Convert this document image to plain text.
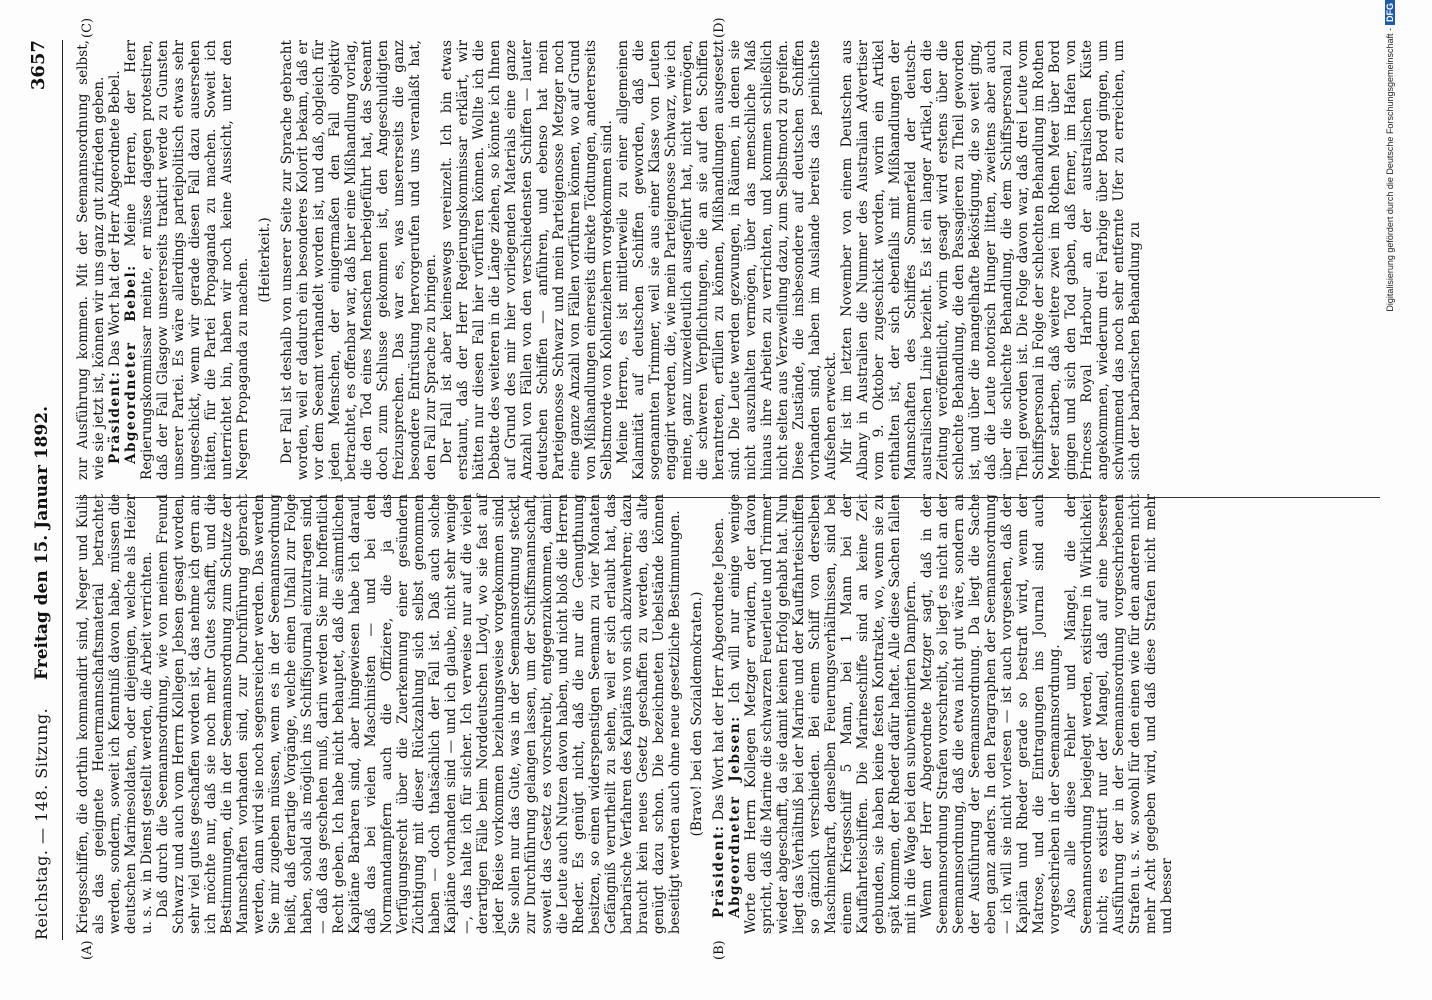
Reichstag. — 148. Sitzung.
Freitag den 15. Januar 1892.
3657
(A)	(B)
(C)	(D)

Kriegsschiffen, die dorthin kommandirt sind, Neger und Kulis als das geeignete Heuermannschaftsmaterial betrachtet werden, sondern, soweit ich Kenntniß davon habe, müssen die deutschen Marinesoldaten, oder diejenigen, welche als Heizer u. s. w. in Dienst gestellt werden, die Arbeit verrichten. Daß durch die Seemannsordnung, wie von meinem Freund Schwarz und auch vom Herrn Kollegen Jebsen gesagt worden, sehr viel gutes geschaffen worden ist, das nehme ich gern an; ich möchte nur, daß sie noch mehr Gutes schafft, und die Bestimmungen, die in der Seemannsordnung zum Schutze der Mannschaften vorhanden sind, zur Durchführung gebracht werden, dann wird sie noch segensreicher werden. Das werden Sie mir zugeben müssen, wenn es in der Seemannsordnung heißt, daß derartige Vorgänge, welche einen Unfall zur Folge haben, sobald als möglich ins Schiffsjournal einzutragen sind, — daß das geschehen muß, darin werden Sie mir hoffentlich Recht geben. Ich habe nicht behauptet, daß die sämmtlichen Kapitäne Barbaren sind, aber hingewiesen habe ich darauf, daß das bei vielen Maschinisten — und bei den Normanndampfern auch die Offiziere, die ja das Verfügungsrecht über die Zuerkennung einer gesündern Züchtigung mit dieser Rückzahlung sich selbst genommen haben — doch thatsächlich der Fall ist. Daß auch solche Kapitäne vorhanden sind — und ich glaube, nicht sehr wenige —, das halte ich für sicher. Ich verweise nur auf die vielen derartigen Fälle beim Norddeutschen Lloyd, wo sie fast auf jeder Reise vorkommen beziehungsweise vorgekommen sind. Sie sollen nur das Gute, was in der Seemannsordnung steckt, zur Durchführung gelangen lassen, um der Schiffsmannschaft, soweit das Gesetz es vorschreibt, entgegenzukommen, damit die Leute auch Nutzen davon haben, und nicht bloß die Herren Rheder. Es genügt nicht, daß die nur die Genugthuung besitzen, so einen widerspenstigen Seemann zu vier Monaten Gefängniß verurtheilt zu sehen, weil er sich erlaubt hat, das barbarische Verfahren des Kapitäns von sich abzuwehren; dazu braucht kein neues Gesetz geschaffen zu werden, das alte genügt dazu schon. Die bezeichneten Uebelstände können beseitigt werden auch ohne neue gesetzliche Bestimmungen. (Bravo! bei den Sozialdemokraten.)

Präsident: Das Wort hat der Herr Abgeordnete Jebsen. Abgeordneter Jebsen: Ich will nur einige wenige Worte dem Herrn Kollegen Metzger erwidern, der davon spricht, daß die Marine die schwarzen Feuerleute und Trimmer wieder abgeschafft, da sie damit keinen Erfolg gehabt hat. Nun liegt das Verhältniß bei der Marine und der Kauffahrteischiffen so gänzlich verschieden. Bei einem Schiff von derselben Maschinenkraft, denselben Feuerungsverhältnissen, sind bei einem Kriegsschiff 5 Mann, bei 1 Mann bei der Kauffahrteischiffen. Die Marineschiffe sind an keine Zeit gebunden, sie haben keine festen Kontrakte, wo, wenn sie zu spät kommen, der Rheder dafür haftet. Alle diese Sachen fallen mit in die Wage bei den subventionirten Dampfern. Wenn der Herr Abgeordnete Metzger sagt, daß in der Seemannsordnung Strafen vorschreibt, so liegt es nicht an der Seemannsordnung, daß die etwa nicht gut wäre, sondern an der Ausführung der Seemannsordnung. Da liegt die Sache eben ganz anders. In den Paragraphen der Seemannsordnung — ich will sie nicht vorlesen — ist auch vorgesehen, daß der Kapitän und Rheder gerade so bestraft wird, wenn der Matrose, und die Eintragungen ins Journal sind auch vorgeschrieben in der Seemannsordnung. Also alle diese Fehler und Mängel, die der Seemannsordnung beigelegt werden, existiren in Wirklichkeit nicht; es existirt nur der Mangel, daß auf eine bessere Ausführung der in der Seemannsordnung vorgeschriebenen Strafen u. s. w. sowohl für den einen wie für den anderen nicht mehr Acht gegeben wird, und daß diese Strafen nicht mehr und besser

zur Ausführung kommen. Mit der Seemannsordnung selbst, wie sie jetzt ist, können wir uns ganz gut zufrieden geben. Präsident: Das Wort hat der Herr Abgeordnete Bebel. Abgeordneter Bebel: Meine Herren, der Herr Regierungskommissar meinte, er müsse dagegen protestiren, daß der Fall Glasgow unsererseits traktirt werde zu Gunsten unserer Partei. Es wäre allerdings parteipolitisch etwas sehr ungeschickt, wenn wir gerade diesen Fall dazu ausersehen hätten, für die Partei Propaganda zu machen. Soweit ich unterrichtet bin, haben wir noch keine Aussicht, unter den Negern Propaganda zu machen. (Heiterkeit.) Der Fall ist deshalb von unserer Seite zur Sprache gebracht worden, weil er dadurch ein besonderes Kolorit bekam, daß er vor dem Seeamt verhandelt worden ist, und daß, obgleich für jeden Menschen, der einigermaßen den Fall objektiv betrachtet, es offenbar war, daß hier eine Mißhandlung vorlag, die den Tod eines Menschen herbeigeführt hat, das Seeamt doch zum Schlusse gekommen ist, den Angeschuldigten freizusprechen. Das war es, was unsererseits die ganz besondere Entrüstung hervorgerufen und uns veranlaßt hat, den Fall zur Sprache zu bringen. Der Fall ist aber keineswegs vereinzelt. Ich bin etwas erstaunt, daß der Herr Regierungskommissar erklärt, wir hätten nur diesen Fall hier vorführen können. Wollte ich die Debatte des weiteren in die Länge ziehen, so könnte ich Ihnen auf Grund des mir hier vorliegenden Materials eine ganze Anzahl von Fällen von den verschiedensten Schiffen — lauter deutschen Schiffen — anführen, und ebenso hat mein Parteigenosse Schwarz und mein Parteigenosse Metzger noch eine ganze Anzahl von Fällen vorführen können, wo auf Grund von Mißhandlungen einerseits direkte Tödtungen, andererseits Selbstmorde von Kohlenziehern vorgekommen sind. Meine Herren, es ist mittlerweile zu einer allgemeinen Kalamität auf deutschen Schiffen geworden, daß die sogenannten Trimmer, weil sie aus einer Klasse von Leuten engagirt werden, die, wie mein Parteigenosse Schwarz, wie ich meine, ganz unzweideutlich ausgeführt hat, nicht vermögen, die schweren Verpflichtungen, die an sie auf den Schiffen herantreten, erfüllen zu können, Mißhandlungen ausgesetzt sind. Die Leute werden gezwungen, in Räumen, in denen sie nicht auszuhalten vermögen, über das menschliche Maß hinaus ihre Arbeiten zu verrichten, und kommen schließlich nicht selten aus Verzweiflung dazu, zum Selbstmord zu greifen. Diese Zustände, die insbesondere auf deutschen Schiffen vorhanden sind, haben im Auslande bereits das peinlichste Aufsehen erweckt. Mir ist im letzten November von einem Deutschen aus Albany in Australien die Nummer des Australian Advertiser vom 9. Oktober zugeschickt worden, worin ein Artikel enthalten ist, der sich ebenfalls mit Mißhandlungen der Mannschaften des Schiffes Sommerfeld der deutsch-australischen Linie bezieht. Es ist ein langer Artikel, den die Zeitung veröffentlicht, worin gesagt wird erstens über die schlechte Behandlung, die den Passagieren zu Theil geworden ist, und über die mangelhafte Beköstigung, die so weit ging, daß die Leute notorisch Hunger litten, zweitens aber auch über die schlechte Behandlung, die dem Schiffspersonal zu Theil geworden ist. Die Folge davon war, daß drei Leute vom Schiffspersonal in Folge der schlechten Behandlung im Rothen Meer starben, daß weitere zwei im Rothen Meer über Bord gingen und sich den Tod gaben, daß ferner, im Hafen von Princess Royal Harbour an der australischen Küste angekommen, wiederum drei Farbige über Bord gingen, um schwimmend das noch sehr entfernte Ufer zu erreichen, um sich der barbarischen Behandlung zu

Digitalisierung gefördert durch die Deutsche Forschungsgemeinschaft -DFG
